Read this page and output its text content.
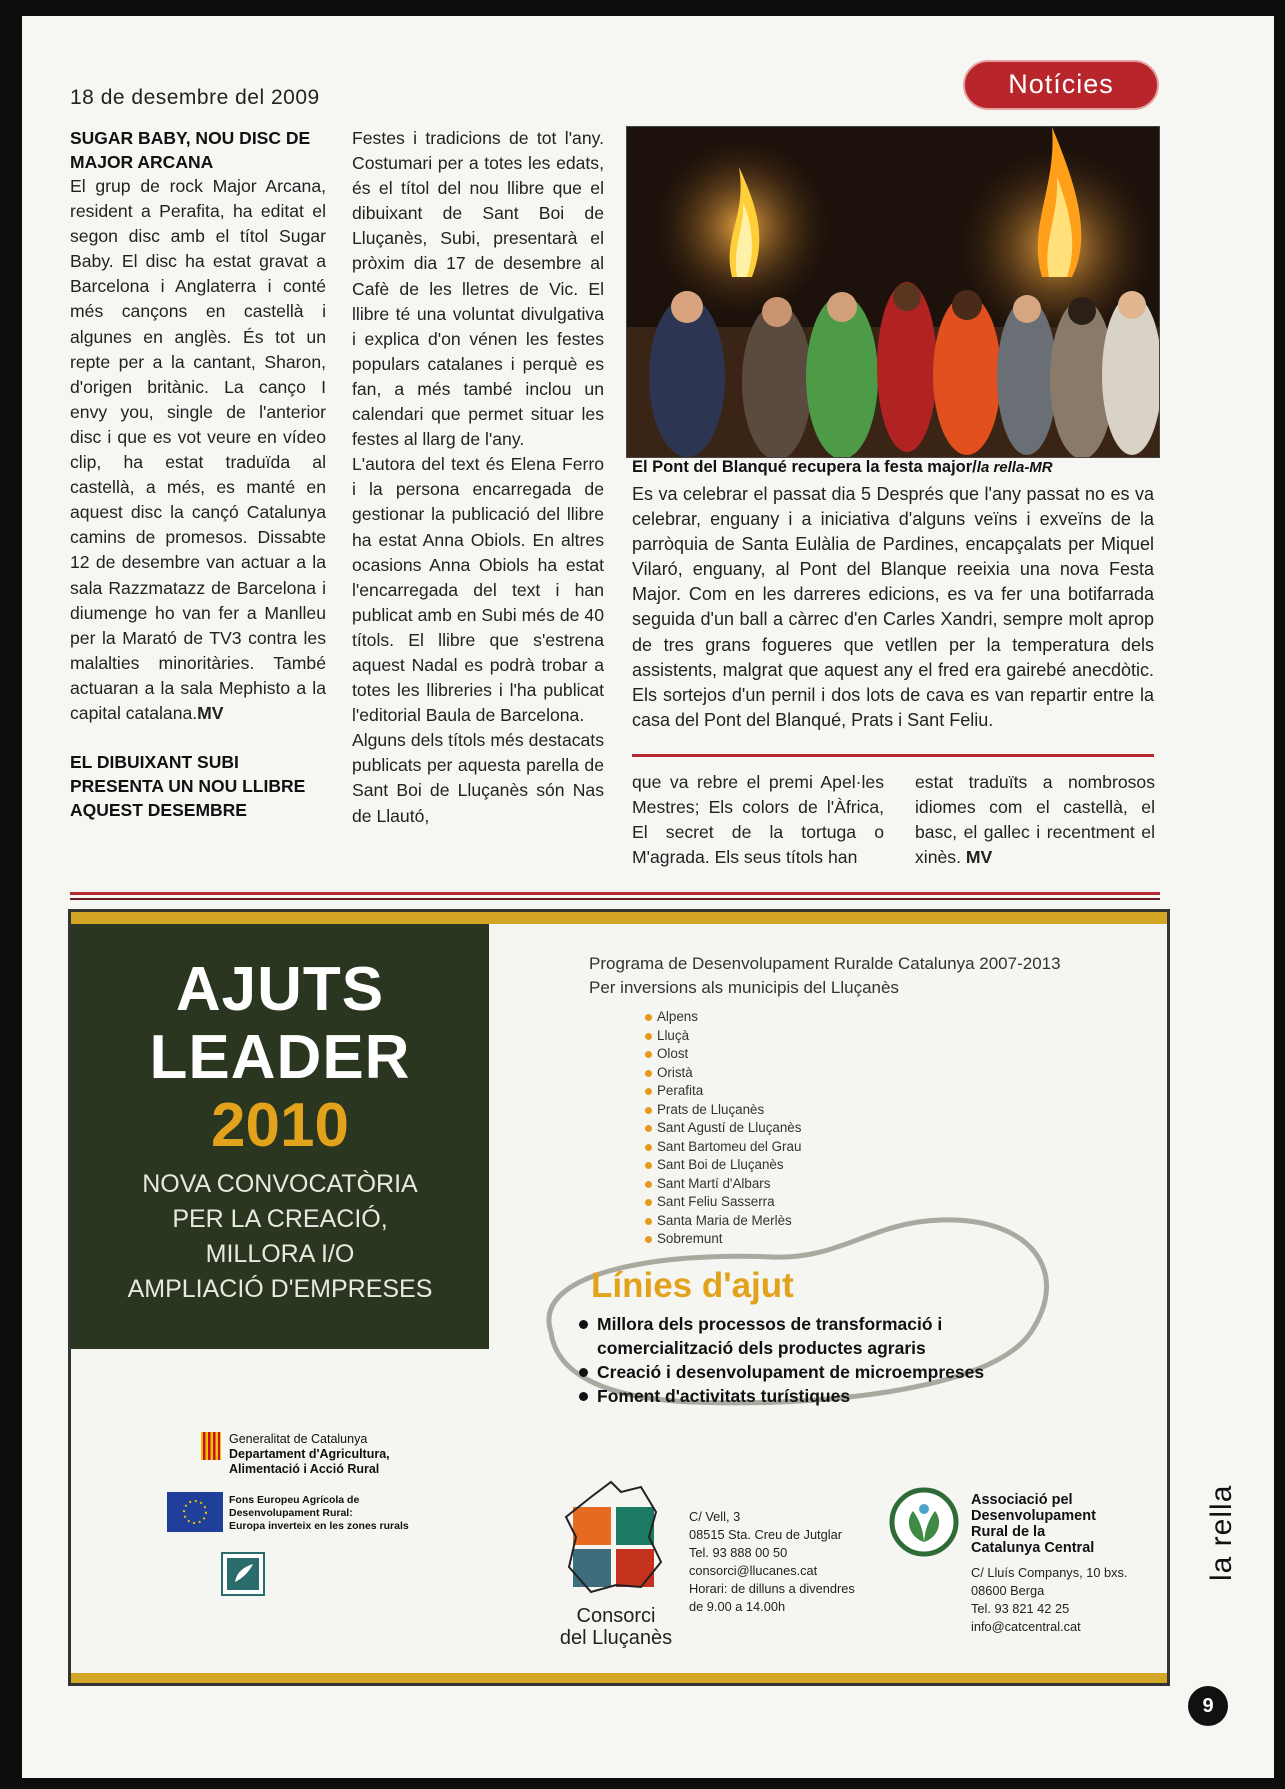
18 de desembre del 2009	Notícies

SUGAR BABY, NOU DISC DE MAJOR ARCANA

El grup de rock Major Arcana, resident a Perafita, ha editat el segon disc amb el títol Sugar Baby. El disc ha estat gravat a Barcelona i Anglaterra i conté més cançons en castellà i algunes en anglès. És tot un repte per a la cantant, Sharon, d'origen britànic. La canço I envy you, single de l'anterior disc i que es vot veure en vídeo clip, ha estat traduïda al castellà, a més, es manté en aquest disc la cançó Catalunya camins de promesos. Dissabte 12 de desembre van actuar a la sala Razzmatazz de Barcelona i diumenge ho van fer a Manlleu per la Marató de TV3 contra les malalties minoritàries. També actuaran a la sala Mephisto a la capital catalana.MV

EL DIBUIXANT SUBI PRESENTA UN NOU LLIBRE AQUEST DESEMBRE

Festes i tradicions de tot l'any. Costumari per a totes les edats, és el títol del nou llibre que el dibuixant de Sant Boi de Lluçanès, Subi, presentarà el pròxim dia 17 de desembre al Cafè de les lletres de Vic. El llibre té una voluntat divulgativa i explica d'on vénen les festes populars catalanes i perquè es fan, a més també inclou un calendari que permet situar les festes al llarg de l'any.

L'autora del text és Elena Ferro i la persona encarregada de gestionar la publicació del llibre ha estat Anna Obiols. En altres ocasions Anna Obiols ha estat l'encarregada del text i han publicat amb en Subi més de 40 títols. El llibre que s'estrena aquest Nadal es podrà trobar a totes les llibreries i l'ha publicat l'editorial Baula de Barcelona.

Alguns dels títols més destacats publicats per aquesta parella de Sant Boi de Lluçanès són Nas de Llautó,

El Pont del Blanqué recupera la festa major/la rella-MR

Es va celebrar el passat dia 5 Després que l'any passat no es va celebrar, enguany i a iniciativa d'alguns veïns i exveïns de la parròquia de Santa Eulàlia de Pardines, encapçalats per Miquel Vilaró, enguany, al Pont del Blanque reeixia una nova Festa Major. Com en les darreres edicions, es va fer una botifarrada seguida d'un ball a càrrec d'en Carles Xandri, sempre molt aprop de tres grans fogueres que vetllen per la temperatura dels assistents, malgrat que aquest any el fred era gairebé anecdòtic. Els sortejos d'un pernil i dos lots de cava es van repartir entre la casa del Pont del Blanqué, Prats i Sant Feliu.

que va rebre el premi Apel·les Mestres; Els colors de l'Àfrica, El secret de la tortuga o M'agrada. Els seus títols han

estat traduïts a nombrosos idiomes com el castellà, el basc, el gallec i recentment el xinès. MV

AJUTS
LEADER
2010
NOVA CONVOCATÒRIA
PER LA CREACIÓ,
MILLORA I/O
AMPLIACIÓ D'EMPRESES
Programa de Desenvolupament Ruralde Catalunya 2007-2013
Per inversions als municipis del Lluçanès
Alpens
Lluçà
Olost
Oristà
Perafita
Prats de Lluçanès
Sant Agustí de Lluçanès
Sant Bartomeu del Grau
Sant Boi de Lluçanès
Sant Martí d'Albars
Sant Feliu Sasserra
Santa Maria de Merlès
Sobremunt
Línies d'ajut
Millora dels processos de transformació i comercialització dels productes agraris
Creació i desenvolupament de microempreses
Foment d'activitats turístiques
Generalitat de Catalunya
Departament d'Agricultura,
Alimentació i Acció Rural
Fons Europeu Agrícola de
Desenvolupament Rural:
Europa inverteix en les zones rurals
Consorci
del Lluçanès
C/ Vell, 3
08515 Sta. Creu de Jutglar
Tel. 93 888 00 50
consorci@llucanes.cat
Horari: de dilluns a divendres
de 9.00 a 14.00h
Associació pel
Desenvolupament
Rural de la
Catalunya Central
C/ Lluís Companys, 10 bxs.
08600 Berga
Tel. 93 821 42 25
info@catcentral.cat
la rella
9
